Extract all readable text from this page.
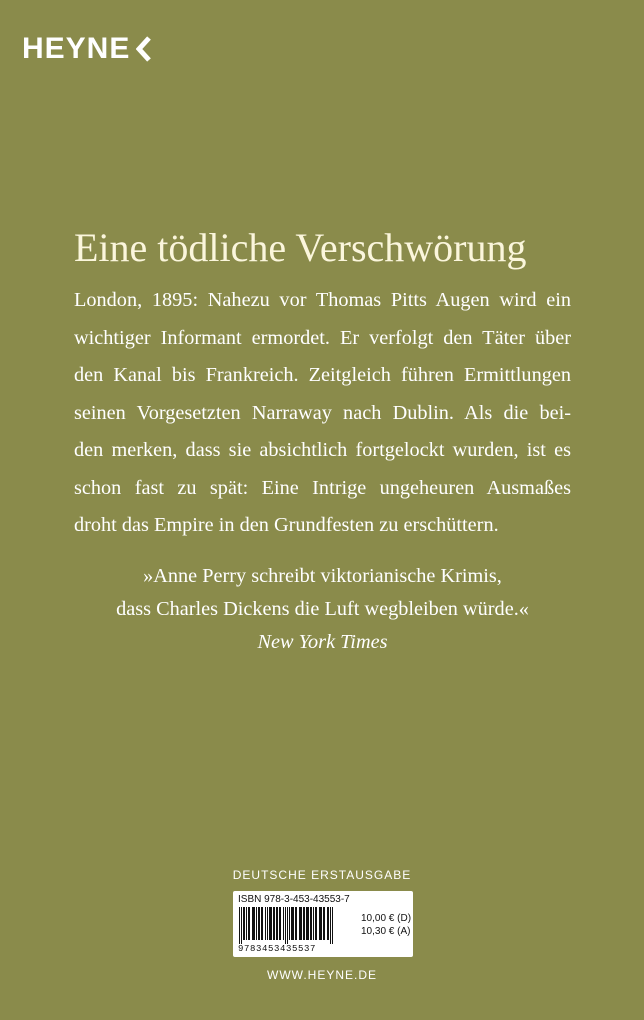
HEYNE
Eine tödliche Verschwörung

London, 1895: Nahezu vor Thomas Pitts Augen wird ein
wichtiger Informant ermordet. Er verfolgt den Täter über
den Kanal bis Frankreich. Zeitgleich führen Ermittlungen
seinen Vorgesetzten Narraway nach Dublin. Als die bei-
den merken, dass sie absichtlich fortgelockt wurden, ist es
schon fast zu spät: Eine Intrige ungeheuren Ausmaßes
droht das Empire in den Grundfesten zu erschüttern.

»Anne Perry schreibt viktorianische Krimis,
dass Charles Dickens die Luft wegbleiben würde.«
New York Times
DEUTSCHE ERSTAUSGABE
ISBN 978-3-453-43553-7
9783453435537
10,00 € (D)
10,30 € (A)
WWW.HEYNE.DE
